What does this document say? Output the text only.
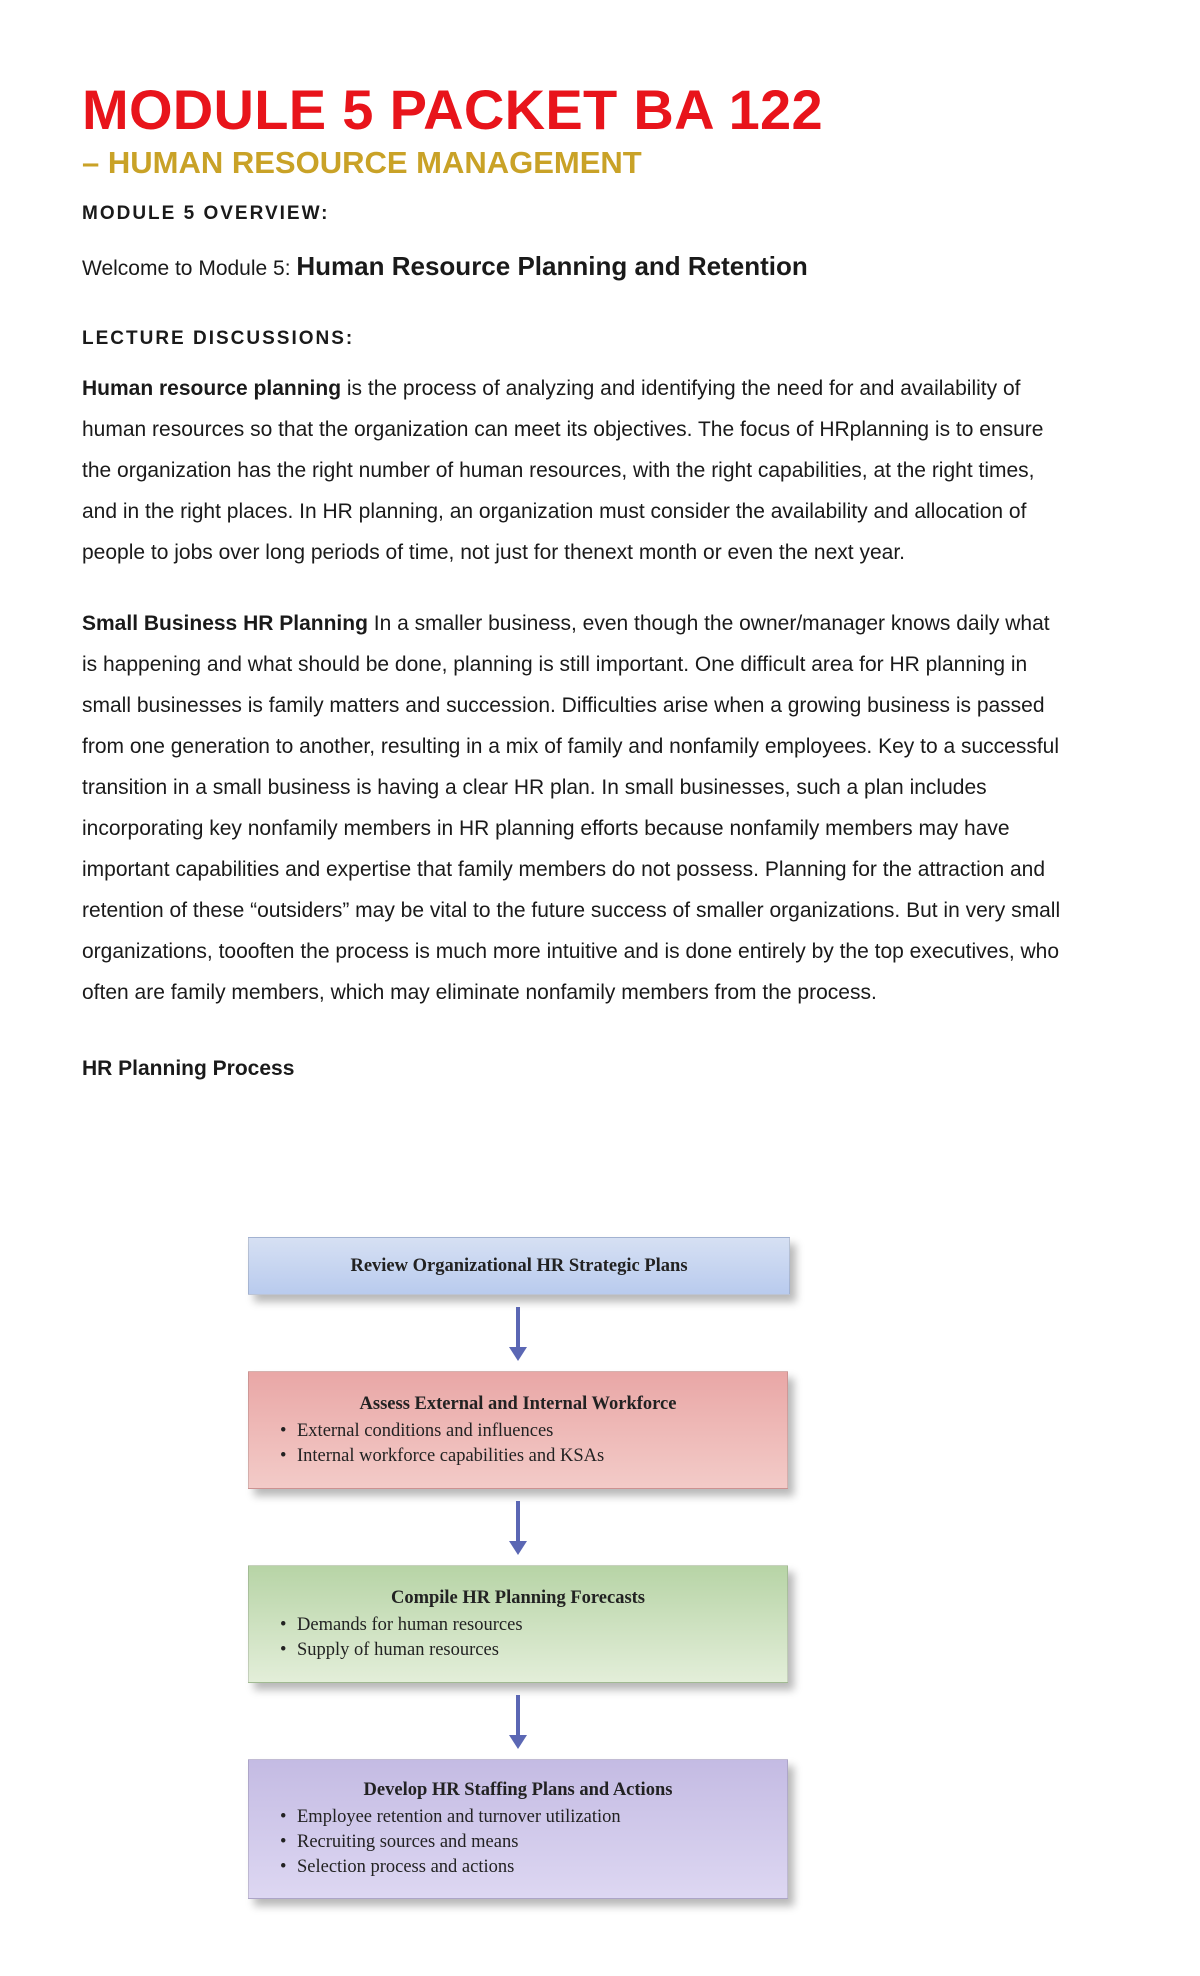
MODULE 5 PACKET BA 122
– HUMAN RESOURCE MANAGEMENT
MODULE 5 OVERVIEW:
Welcome to Module 5: Human Resource Planning and Retention
LECTURE DISCUSSIONS:

Human resource planning is the process of analyzing and identifying the need for and availability of human resources so that the organization can meet its objectives. The focus of HRplanning is to ensure the organization has the right number of human resources, with the right capabilities, at the right times, and in the right places. In HR planning, an organization must consider the availability and allocation of people to jobs over long periods of time, not just for thenext month or even the next year.

Small Business HR Planning In a smaller business, even though the owner/manager knows daily what is happening and what should be done, planning is still important. One difficult area for HR planning in small businesses is family matters and succession. Difficulties arise when a growing business is passed from one generation to another, resulting in a mix of family and nonfamily employees. Key to a successful transition in a small business is having a clear HR plan. In small businesses, such a plan includes incorporating key nonfamily members in HR planning efforts because nonfamily members may have important capabilities and expertise that family members do not possess. Planning for the attraction and retention of these “outsiders” may be vital to the future success of smaller organizations. But in very small organizations, toooften the process is much more intuitive and is done entirely by the top executives, who often are family members, which may eliminate nonfamily members from the process.

HR Planning Process
Review Organizational HR Strategic Plans
Assess External and Internal Workforce
• External conditions and influences
• Internal workforce capabilities and KSAs
Compile HR Planning Forecasts
• Demands for human resources
• Supply of human resources
Develop HR Staffing Plans and Actions
• Employee retention and turnover utilization
• Recruiting sources and means
• Selection process and actions
